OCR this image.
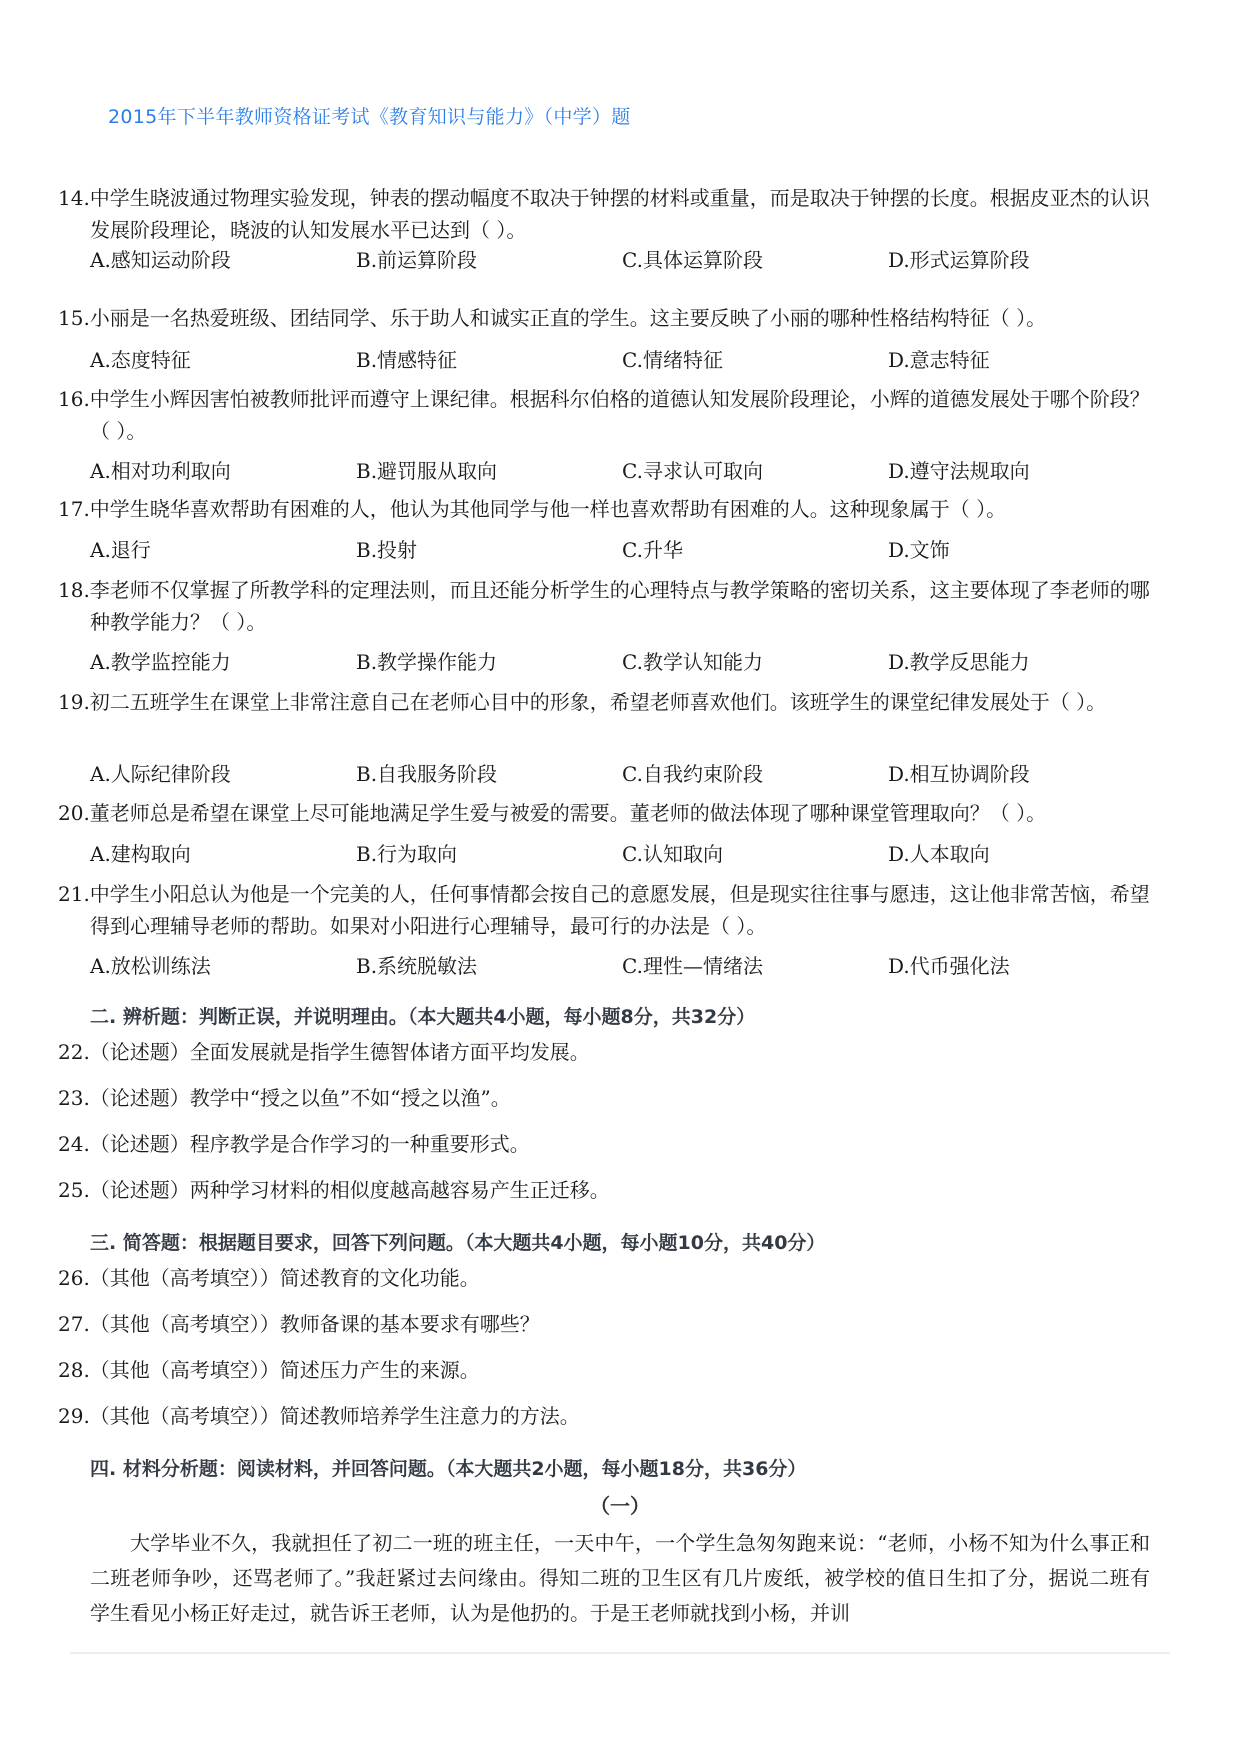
2015年下半年教师资格证考试《教育知识与能力》（中学）题
14.中学生晓波通过物理实验发现，钟表的摆动幅度不取决于钟摆的材料或重量，而是取决于钟摆的长度。根据皮亚杰的认识发展阶段理论，晓波的认知发展水平已达到（ ）。
A.感知运动阶段	B.前运算阶段	C.具体运算阶段	D.形式运算阶段
15.小丽是一名热爱班级、团结同学、乐于助人和诚实正直的学生。这主要反映了小丽的哪种性格结构特征（ ）。
A.态度特征	B.情感特征	C.情绪特征	D.意志特征
16.中学生小辉因害怕被教师批评而遵守上课纪律。根据科尔伯格的道德认知发展阶段理论，小辉的道德发展处于哪个阶段？（ ）。
A.相对功利取向	B.避罚服从取向	C.寻求认可取向	D.遵守法规取向
17.中学生晓华喜欢帮助有困难的人，他认为其他同学与他一样也喜欢帮助有困难的人。这种现象属于（ ）。
A.退行	B.投射	C.升华	D.文饰
18.李老师不仅掌握了所教学科的定理法则，而且还能分析学生的心理特点与教学策略的密切关系，这主要体现了李老师的哪种教学能力？（ ）。
A.教学监控能力	B.教学操作能力	C.教学认知能力	D.教学反思能力
19.初二五班学生在课堂上非常注意自己在老师心目中的形象，希望老师喜欢他们。该班学生的课堂纪律发展处于（ ）。
A.人际纪律阶段	B.自我服务阶段	C.自我约束阶段	D.相互协调阶段
20.董老师总是希望在课堂上尽可能地满足学生爱与被爱的需要。董老师的做法体现了哪种课堂管理取向？（ ）。
A.建构取向	B.行为取向	C.认知取向	D.人本取向
21.中学生小阳总认为他是一个完美的人，任何事情都会按自己的意愿发展，但是现实往往事与愿违，这让他非常苦恼，希望得到心理辅导老师的帮助。如果对小阳进行心理辅导，最可行的办法是（ ）。
A.放松训练法	B.系统脱敏法	C.理性—情绪法	D.代币强化法
二. 辨析题：判断正误，并说明理由。（本大题共4小题，每小题8分，共32分）
22.（论述题）全面发展就是指学生德智体诸方面平均发展。
23.（论述题）教学中“授之以鱼”不如“授之以渔”。
24.（论述题）程序教学是合作学习的一种重要形式。
25.（论述题）两种学习材料的相似度越高越容易产生正迁移。
三. 简答题：根据题目要求，回答下列问题。（本大题共4小题，每小题10分，共40分）
26.（其他（高考填空））简述教育的文化功能。
27.（其他（高考填空））教师备课的基本要求有哪些？
28.（其他（高考填空））简述压力产生的来源。
29.（其他（高考填空））简述教师培养学生注意力的方法。
四. 材料分析题：阅读材料，并回答问题。（本大题共2小题，每小题18分，共36分）
（一）
大学毕业不久，我就担任了初二一班的班主任，一天中午，一个学生急匆匆跑来说：“老师，小杨不知为什么事正和二班老师争吵，还骂老师了。”我赶紧过去问缘由。得知二班的卫生区有几片废纸，被学校的值日生扣了分，据说二班有学生看见小杨正好走过，就告诉王老师，认为是他扔的。于是王老师就找到小杨，并训
